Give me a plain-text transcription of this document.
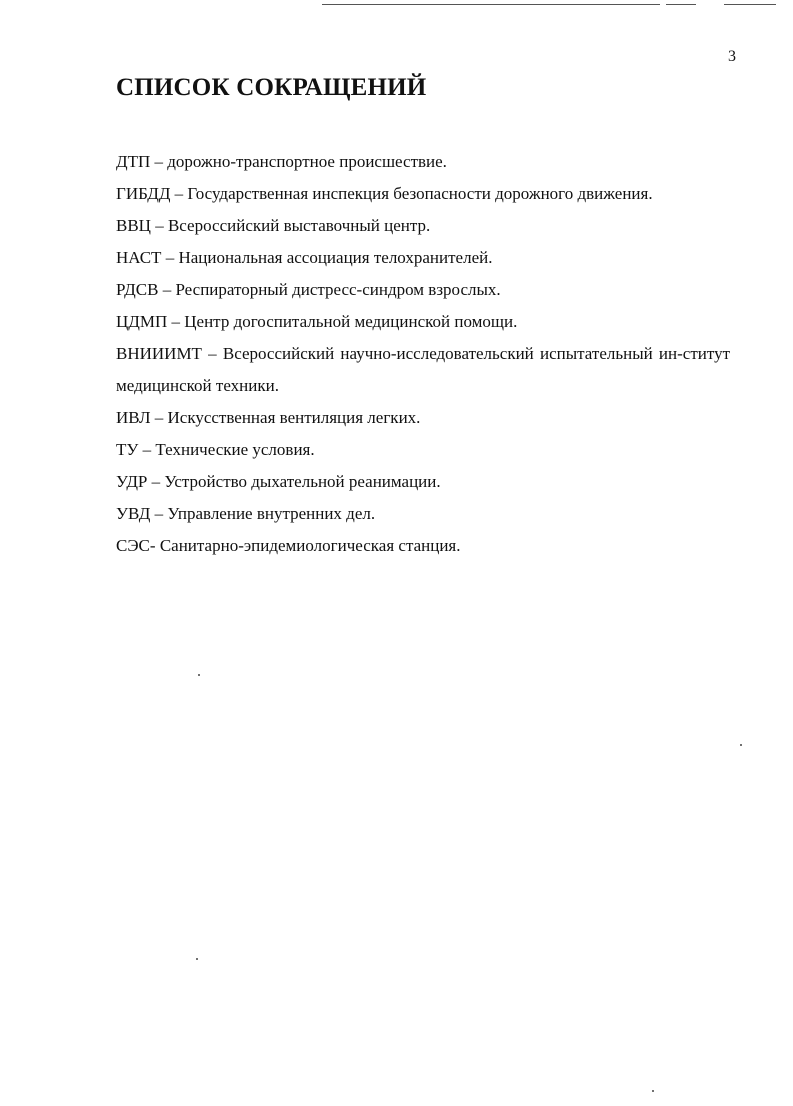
3
СПИСОК СОКРАЩЕНИЙ
ДТП – дорожно-транспортное происшествие.
ГИБДД – Государственная инспекция безопасности дорожного движения.
ВВЦ – Всероссийский выставочный центр.
НАСТ – Национальная ассоциация телохранителей.
РДСВ – Респираторный дистресс-синдром взрослых.
ЦДМП – Центр догоспитальной медицинской помощи.
ВНИИИМТ – Всероссийский научно-исследовательский испытательный ин-ститут медицинской техники.
ИВЛ – Искусственная вентиляция легких.
ТУ – Технические условия.
УДР – Устройство дыхательной реанимации.
УВД – Управление внутренних дел.
СЭС- Санитарно-эпидемиологическая станция.
